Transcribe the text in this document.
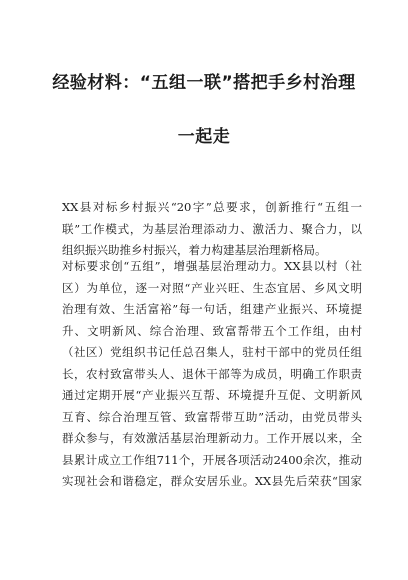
经验材料：“五组一联”搭把手乡村治理
一起走

XX县对标乡村振兴“20字”总要求，创新推行“五组一
联”工作模式，为基层治理添动力、激活力、聚合力，以
组织振兴助推乡村振兴，着力构建基层治理新格局。

对标要求创“五组”，增强基层治理动力。XX县以村（社
区）为单位，逐一对照“产业兴旺、生态宜居、乡风文明
治理有效、生活富裕”每一句话，组建产业振兴、环境提
升、文明新风、综合治理、致富帮带五个工作组，由村
（社区）党组织书记任总召集人，驻村干部中的党员任组
长，农村致富带头人、退休干部等为成员，明确工作职责
通过定期开展“产业振兴互帮、环境提升互促、文明新风
互育、综合治理互管、致富帮带互助”活动，由党员带头
群众参与，有效激活基层治理新动力。工作开展以来，全
县累计成立工作组711个，开展各项活动2400余次，推动
实现社会和谐稳定，群众安居乐业。XX县先后荣获“国家
